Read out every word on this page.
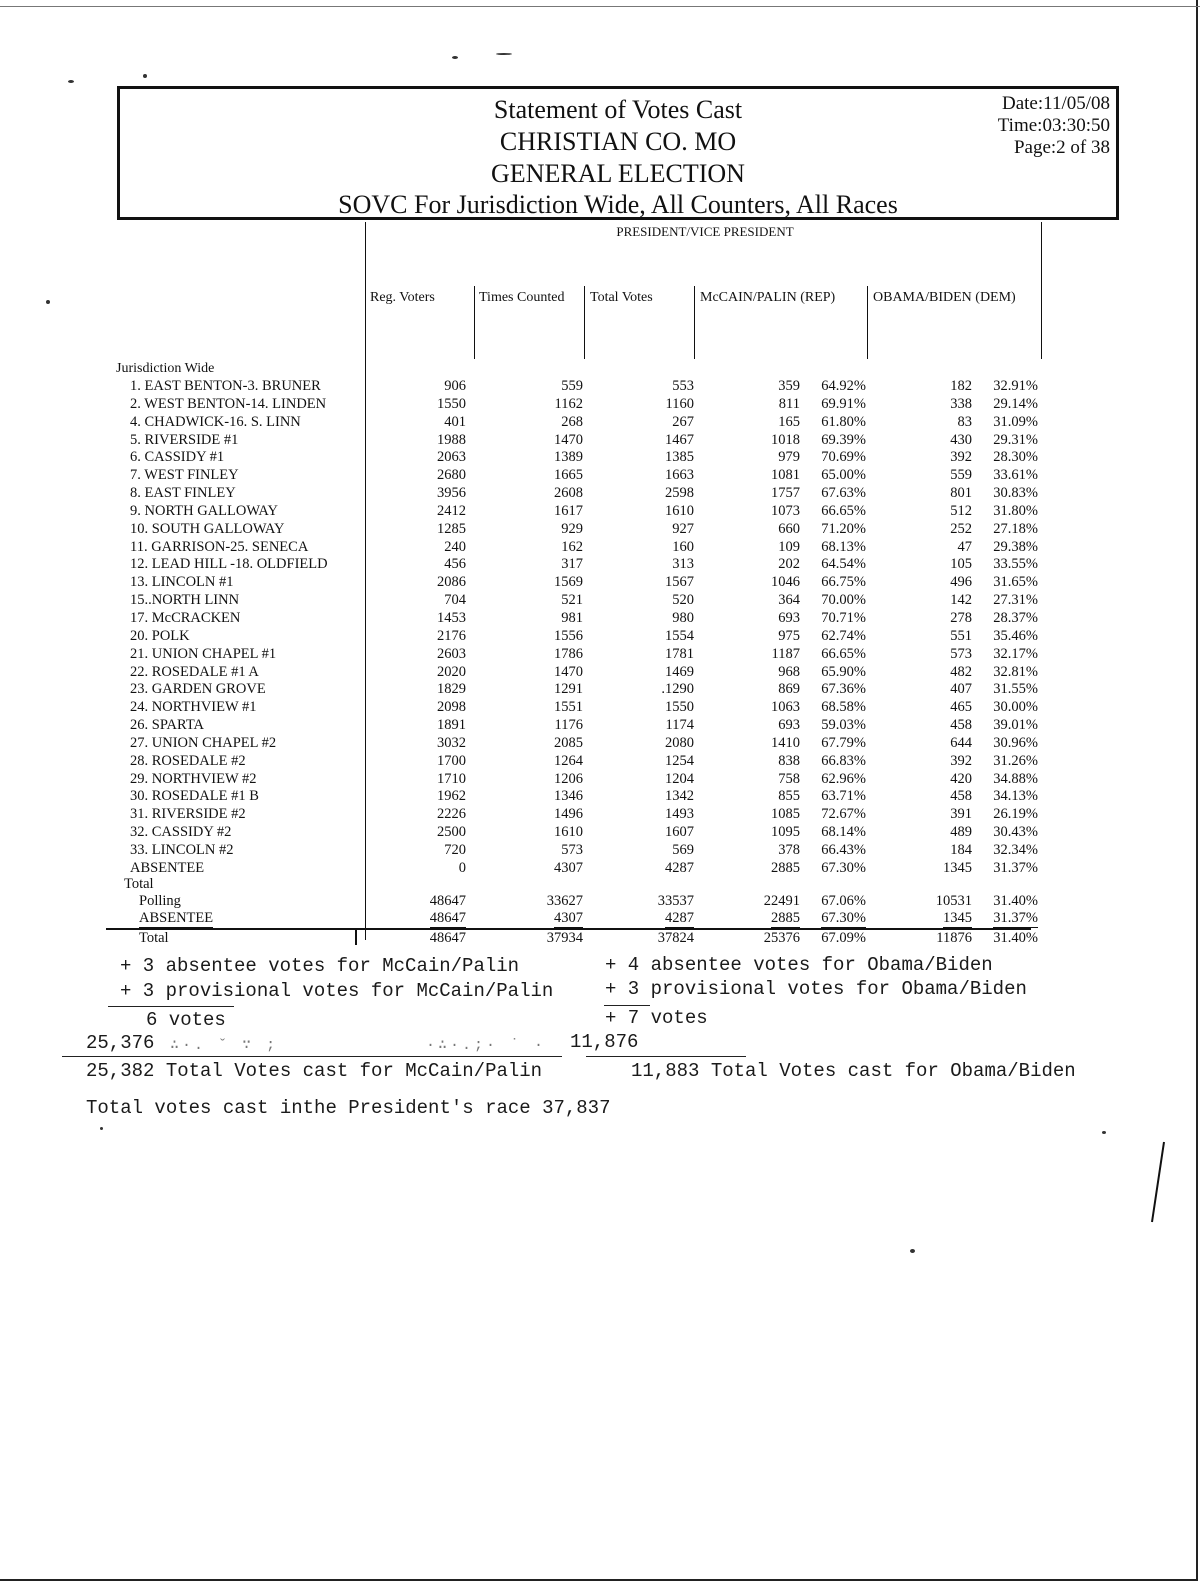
Statement of Votes Cast
CHRISTIAN CO. MO
GENERAL ELECTION
SOVC For Jurisdiction Wide, All Counters, All Races
Date:11/05/08
Time:03:30:50
Page:2 of 38
PRESIDENT/VICE PRESIDENT
Reg. Voters	Times Counted Total Votes	McCAIN/PALIN (REP)	OBAMA/BIDEN (DEM)
Jurisdiction Wide
1. EAST BENTON-3. BRUNER	906	559	553	359 64.92%	182 32.91%
2. WEST BENTON-14. LINDEN	1550	1162	1160	811 69.91%	338 29.14%
4. CHADWICK-16. S. LINN	401	268	267	165 61.80%	83 31.09%
5. RIVERSIDE #1	1988	1470	1467	1018 69.39%	430 29.31%
6. CASSIDY #1	2063	1389	1385	979 70.69%	392 28.30%
7. WEST FINLEY	2680	1665	1663	1081 65.00%	559 33.61%
8. EAST FINLEY	3956	2608	2598	1757 67.63%	801 30.83%
9. NORTH GALLOWAY	2412	1617	1610	1073 66.65%	512 31.80%
10. SOUTH GALLOWAY	1285	929	927	660 71.20%	252 27.18%
11. GARRISON-25. SENECA	240	162	160	109 68.13%	47 29.38%
12. LEAD HILL -18. OLDFIELD	456	317	313	202 64.54%	105 33.55%
13. LINCOLN #1	2086	1569	1567	1046 66.75%	496 31.65%
15..NORTH LINN	704	521	520	364 70.00%	142 27.31%
17. McCRACKEN	1453	981	980	693 70.71%	278 28.37%
20. POLK	2176	1556	1554	975 62.74%	551 35.46%
21. UNION CHAPEL #1	2603	1786	1781	1187 66.65%	573 32.17%
22. ROSEDALE #1 A	2020	1470	1469	968 65.90%	482 32.81%
23. GARDEN GROVE	1829	1291	.1290	869 67.36%	407 31.55%
24. NORTHVIEW #1	2098	1551	1550	1063 68.58%	465 30.00%
26. SPARTA	1891	1176	1174	693 59.03%	458 39.01%
27. UNION CHAPEL #2	3032	2085	2080	1410 67.79%	644 30.96%
28. ROSEDALE #2	1700	1264	1254	838 66.83%	392 31.26%
29. NORTHVIEW #2	1710	1206	1204	758 62.96%	420 34.88%
30. ROSEDALE #1 B	1962	1346	1342	855 63.71%	458 34.13%
31. RIVERSIDE #2	2226	1496	1493	1085 72.67%	391 26.19%
32. CASSIDY #2	2500	1610	1607	1095 68.14%	489 30.43%
33. LINCOLN #2	720	573	569	378 66.43%	184 32.34%
ABSENTEE	0	4307	4287	2885 67.30%	1345 31.37%
Total
Polling	48647	33627	33537	22491 67.06%	10531 31.40%
ABSENTEE	48647	4307	4287	2885 67.30%	1345 31.37%
Total	48647	37934	37824	25376 67.09%	11876 31.40%
+ 3 absentee votes for McCain/Palin	+ 4 absentee votes for Obama/Biden
+ 3 provisional votes for McCain/Palin	+ 3 provisional votes for Obama/Biden
6 votes	+ 7 votes
25,376 ∴·. ˇ ∵ ;	·∴·.;· ˙ · 11,876
25,382 Total Votes cast for McCain/Palin	11,883 Total Votes cast for Obama/Biden
Total votes cast inthe President's race 37,837
